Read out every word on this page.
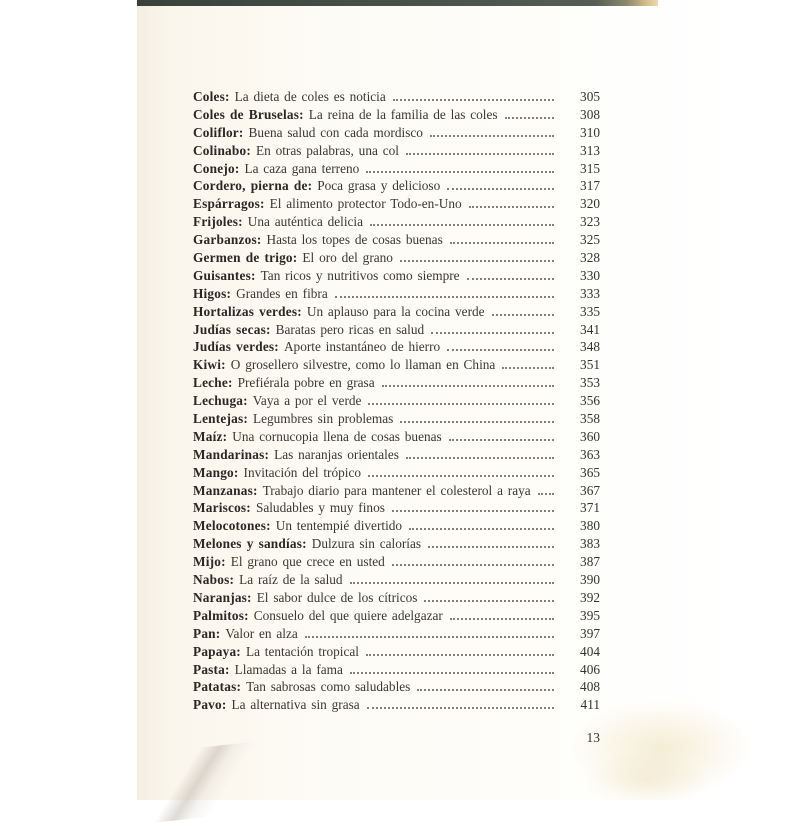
Coles: La dieta de coles es noticia	305
Coles de Bruselas: La reina de la familia de las coles	308
Coliflor: Buena salud con cada mordisco	310
Colinabo: En otras palabras, una col	313
Conejo: La caza gana terreno	315
Cordero, pierna de: Poca grasa y delicioso	317
Espárragos: El alimento protector Todo-en-Uno	320
Frijoles: Una auténtica delicia	323
Garbanzos: Hasta los topes de cosas buenas	325
Germen de trigo: El oro del grano	328
Guisantes: Tan ricos y nutritivos como siempre	330
Higos: Grandes en fibra	333
Hortalizas verdes: Un aplauso para la cocina verde	335
Judías secas: Baratas pero ricas en salud	341
Judías verdes: Aporte instantáneo de hierro	348
Kiwi: O grosellero silvestre, como lo llaman en China	351
Leche: Prefiérala pobre en grasa	353
Lechuga: Vaya a por el verde	356
Lentejas: Legumbres sin problemas	358
Maíz: Una cornucopia llena de cosas buenas	360
Mandarinas: Las naranjas orientales	363
Mango: Invitación del trópico	365
Manzanas: Trabajo diario para mantener el colesterol a raya	367
Mariscos: Saludables y muy finos	371
Melocotones: Un tentempié divertido	380
Melones y sandías: Dulzura sin calorías	383
Mijo: El grano que crece en usted	387
Nabos: La raíz de la salud	390
Naranjas: El sabor dulce de los cítricos	392
Palmitos: Consuelo del que quiere adelgazar	395
Pan: Valor en alza	397
Papaya: La tentación tropical	404
Pasta: Llamadas a la fama	406
Patatas: Tan sabrosas como saludables	408
Pavo: La alternativa sin grasa	411
13
